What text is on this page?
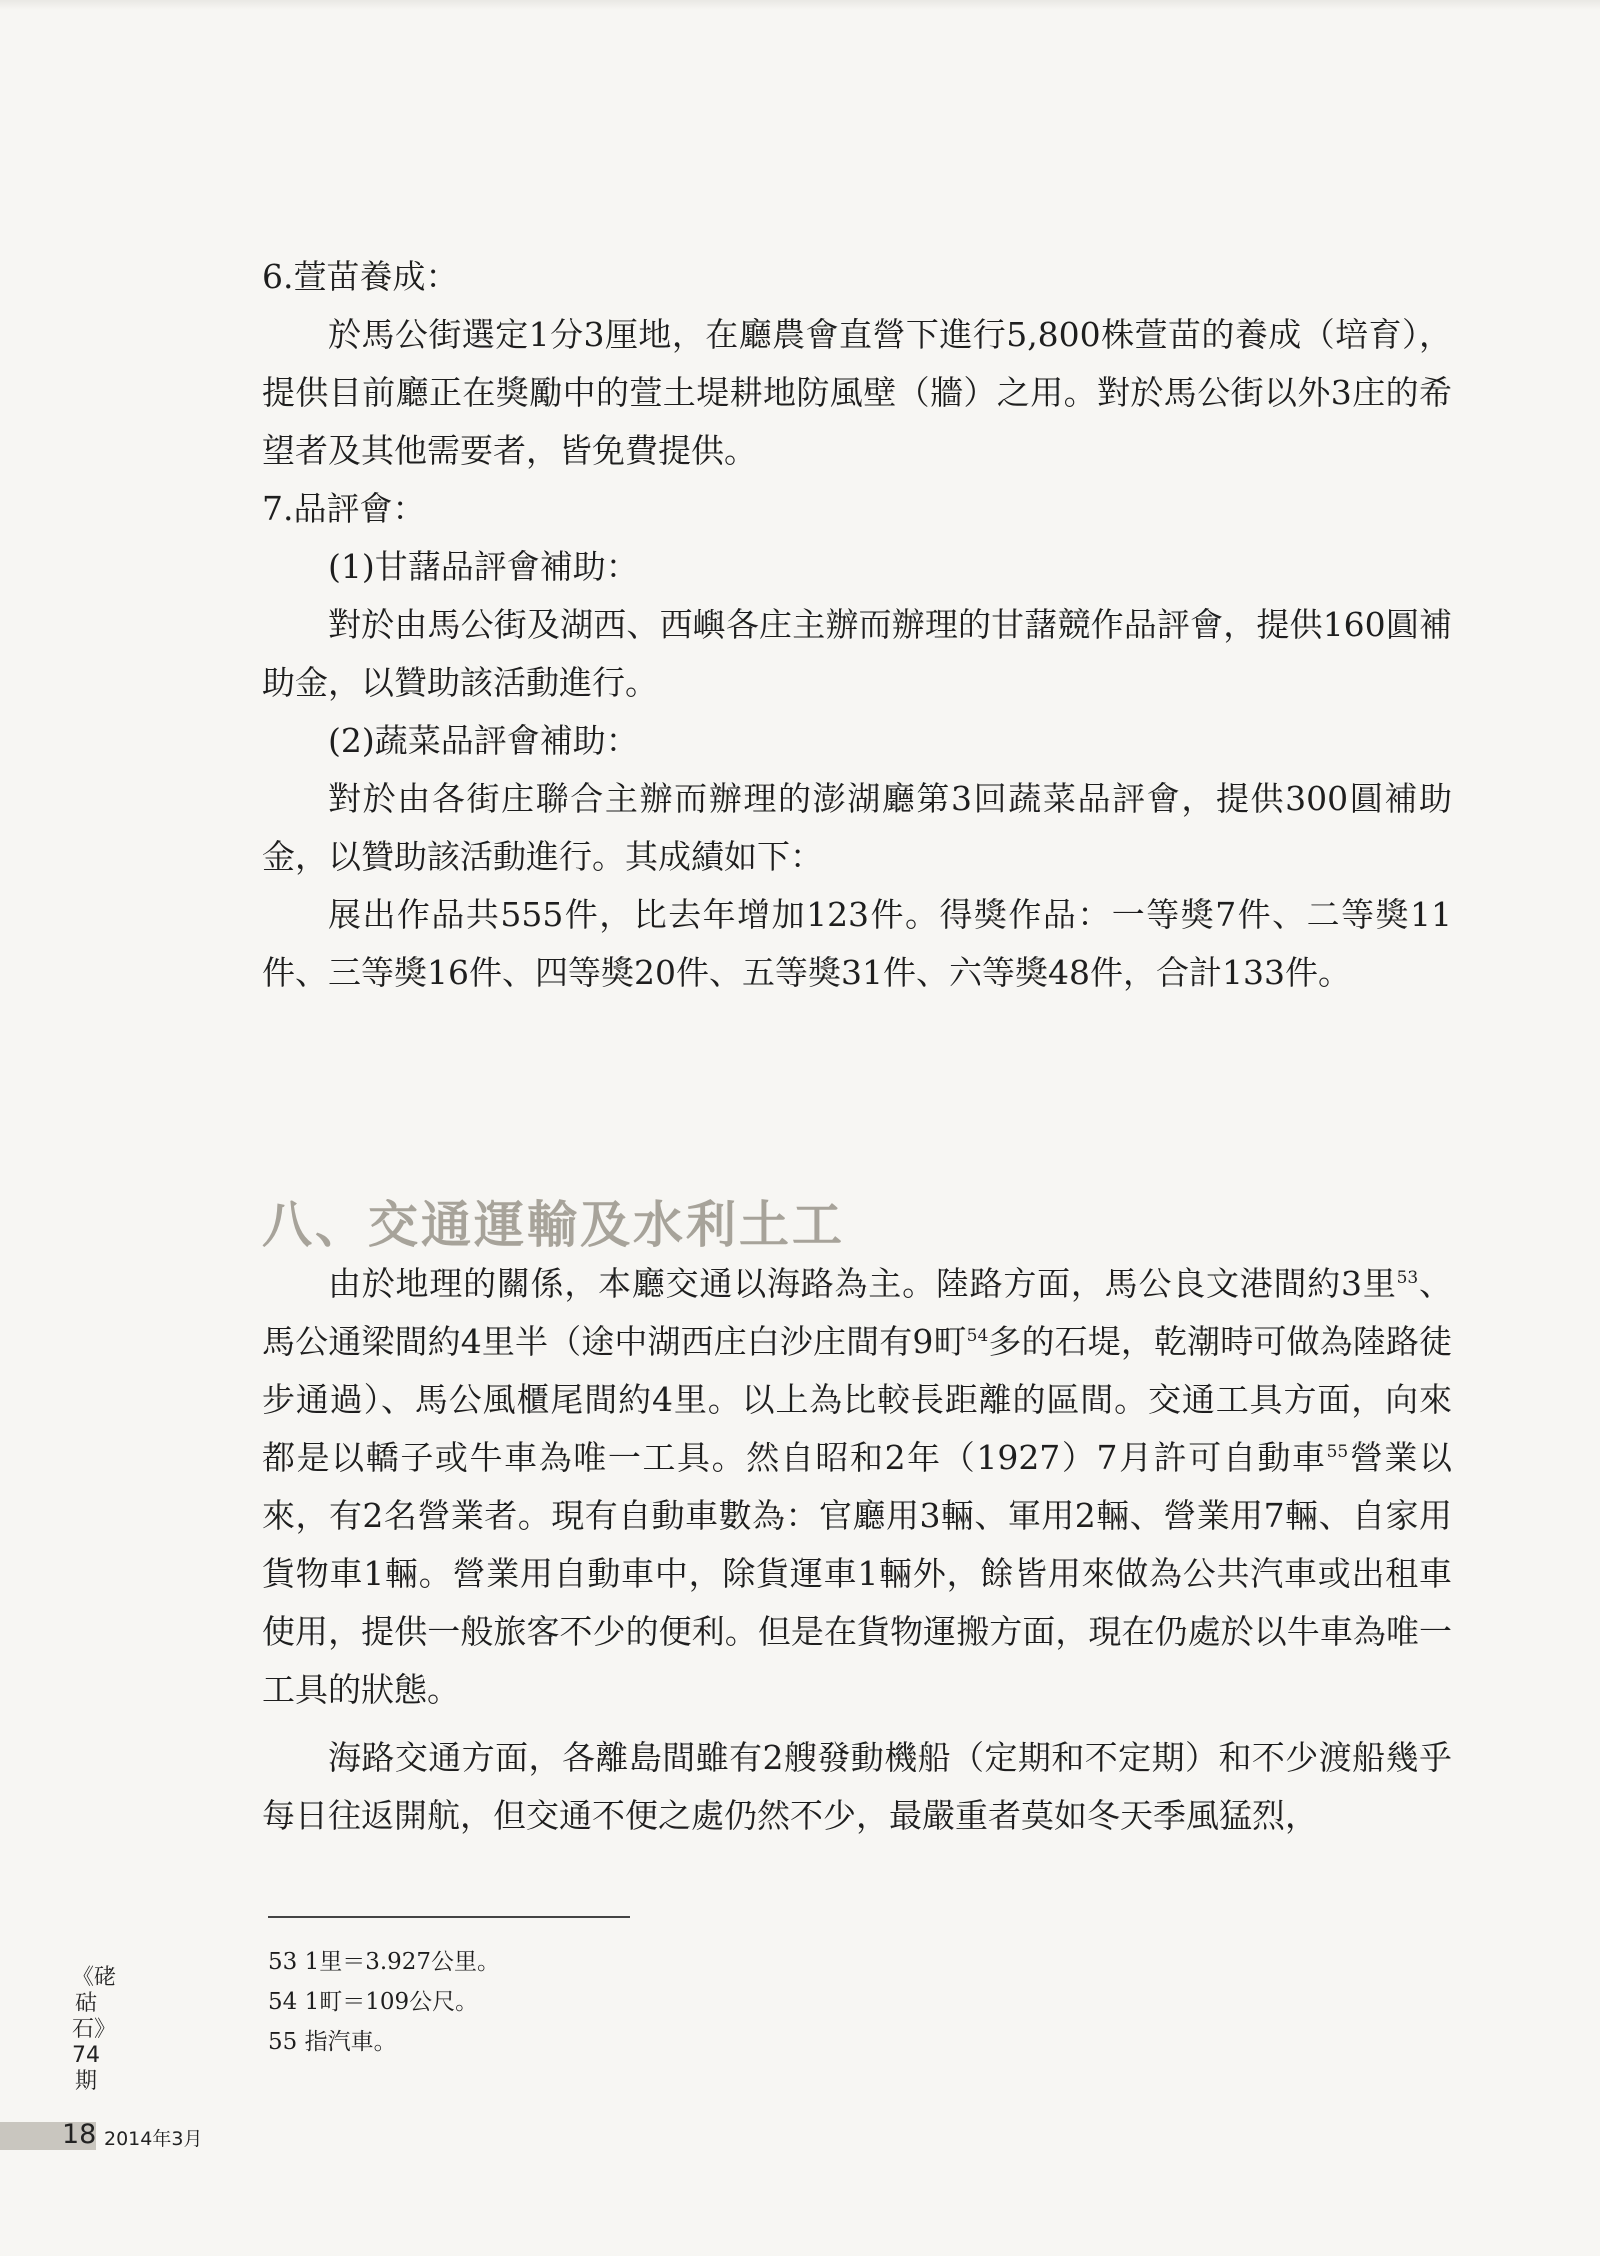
6.萱苗養成：

於馬公街選定1分3厘地，在廳農會直營下進行5,800株萱苗的養成（培育），提供目前廳正在獎勵中的萱土堤耕地防風壁（牆）之用。對於馬公街以外3庄的希望者及其他需要者，皆免費提供。

7.品評會：

(1)甘藷品評會補助：

對於由馬公街及湖西、西嶼各庄主辦而辦理的甘藷競作品評會，提供160圓補助金，以贊助該活動進行。

(2)蔬菜品評會補助：

對於由各街庄聯合主辦而辦理的澎湖廳第3回蔬菜品評會，提供300圓補助金，以贊助該活動進行。其成績如下：

展出作品共555件，比去年增加123件。得獎作品：一等獎7件、二等獎11件、三等獎16件、四等獎20件、五等獎31件、六等獎48件，合計133件。

八、交通運輸及水利土工

由於地理的關係，本廳交通以海路為主。陸路方面，馬公良文港間約3里$^{53}$、馬公通梁間約4里半（途中湖西庄白沙庄間有9町$^{54}$多的石堤，乾潮時可做為陸路徒步通過）、馬公風櫃尾間約4里。以上為比較長距離的區間。交通工具方面，向來都是以轎子或牛車為唯一工具。然自昭和2年（1927）7月許可自動車$^{55}$營業以來，有2名營業者。現有自動車數為：官廳用3輛、軍用2輛、營業用7輛、自家用貨物車1輛。營業用自動車中，除貨運車1輛外，餘皆用來做為公共汽車或出租車使用，提供一般旅客不少的便利。但是在貨物運搬方面，現在仍處於以牛車為唯一工具的狀態。

海路交通方面，各離島間雖有2艘發動機船（定期和不定期）和不少渡船幾乎每日往返開航，但交通不便之處仍然不少，最嚴重者莫如冬天季風猛烈，

53 1里＝3.927公里。
54 1町＝109公尺。
55 指汽車。
《硓𥑮石》74期
18 2014年3月
